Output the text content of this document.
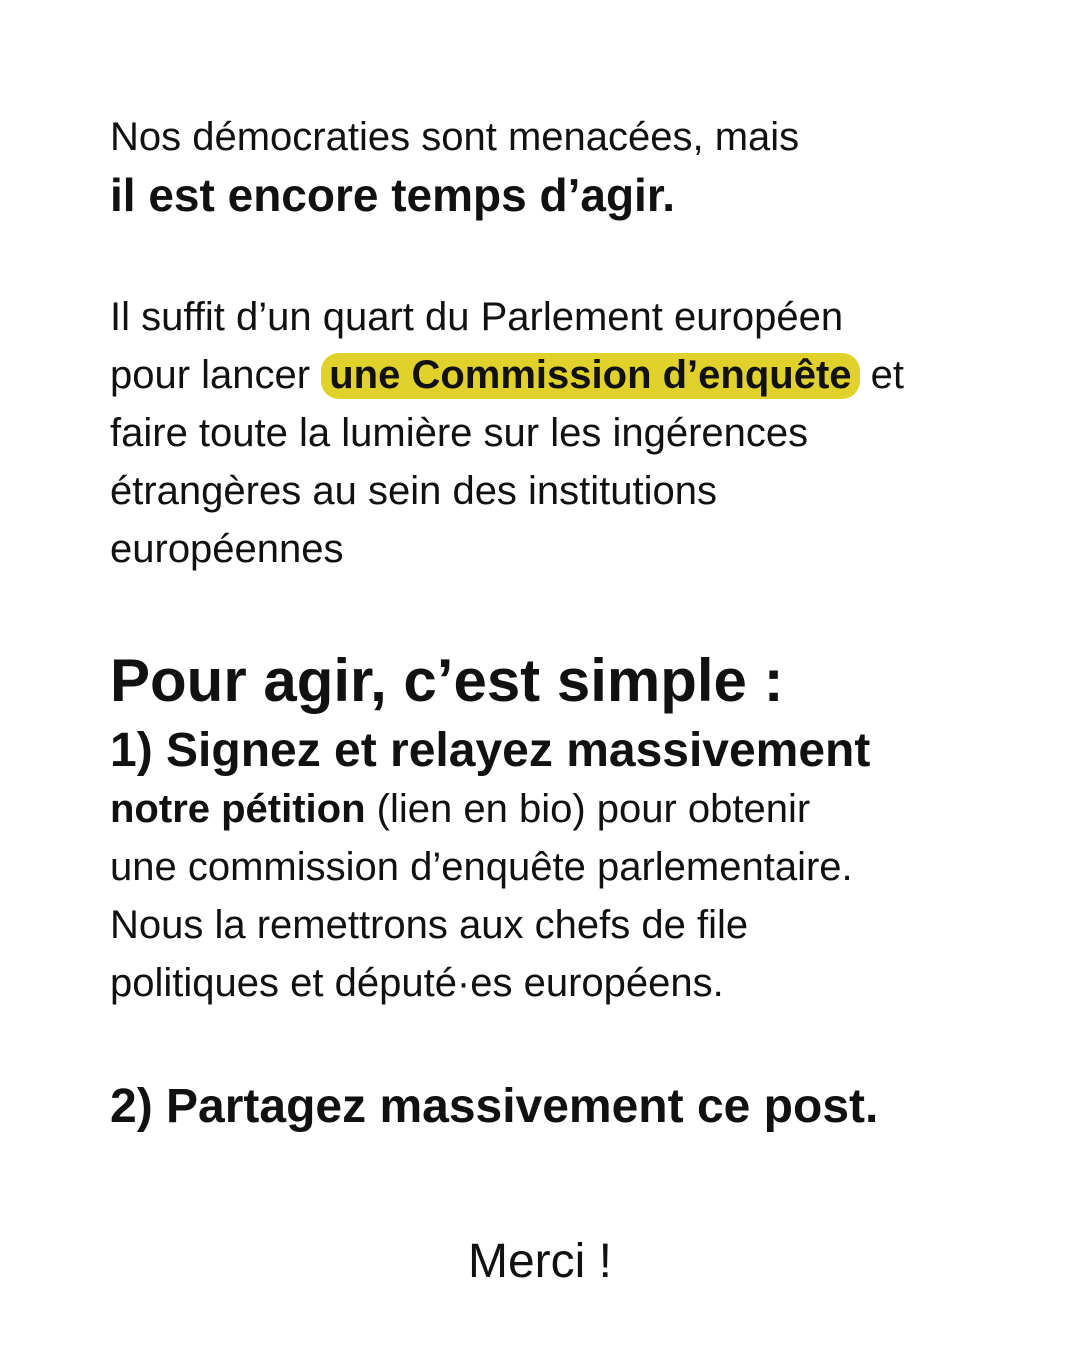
Nos démocraties sont menacées, mais

il est encore temps d’agir.

Il suffit d’un quart du Parlement européen
pour lancer une Commission d’enquête et
faire toute la lumière sur les ingérences
étrangères au sein des institutions
européennes

Pour agir, c’est simple :

1) Signez et relayez massivement

notre pétition (lien en bio) pour obtenir
une commission d’enquête parlementaire.
Nous la remettrons aux chefs de file
politiques et député·es européens.

2) Partagez massivement ce post.

Merci !
